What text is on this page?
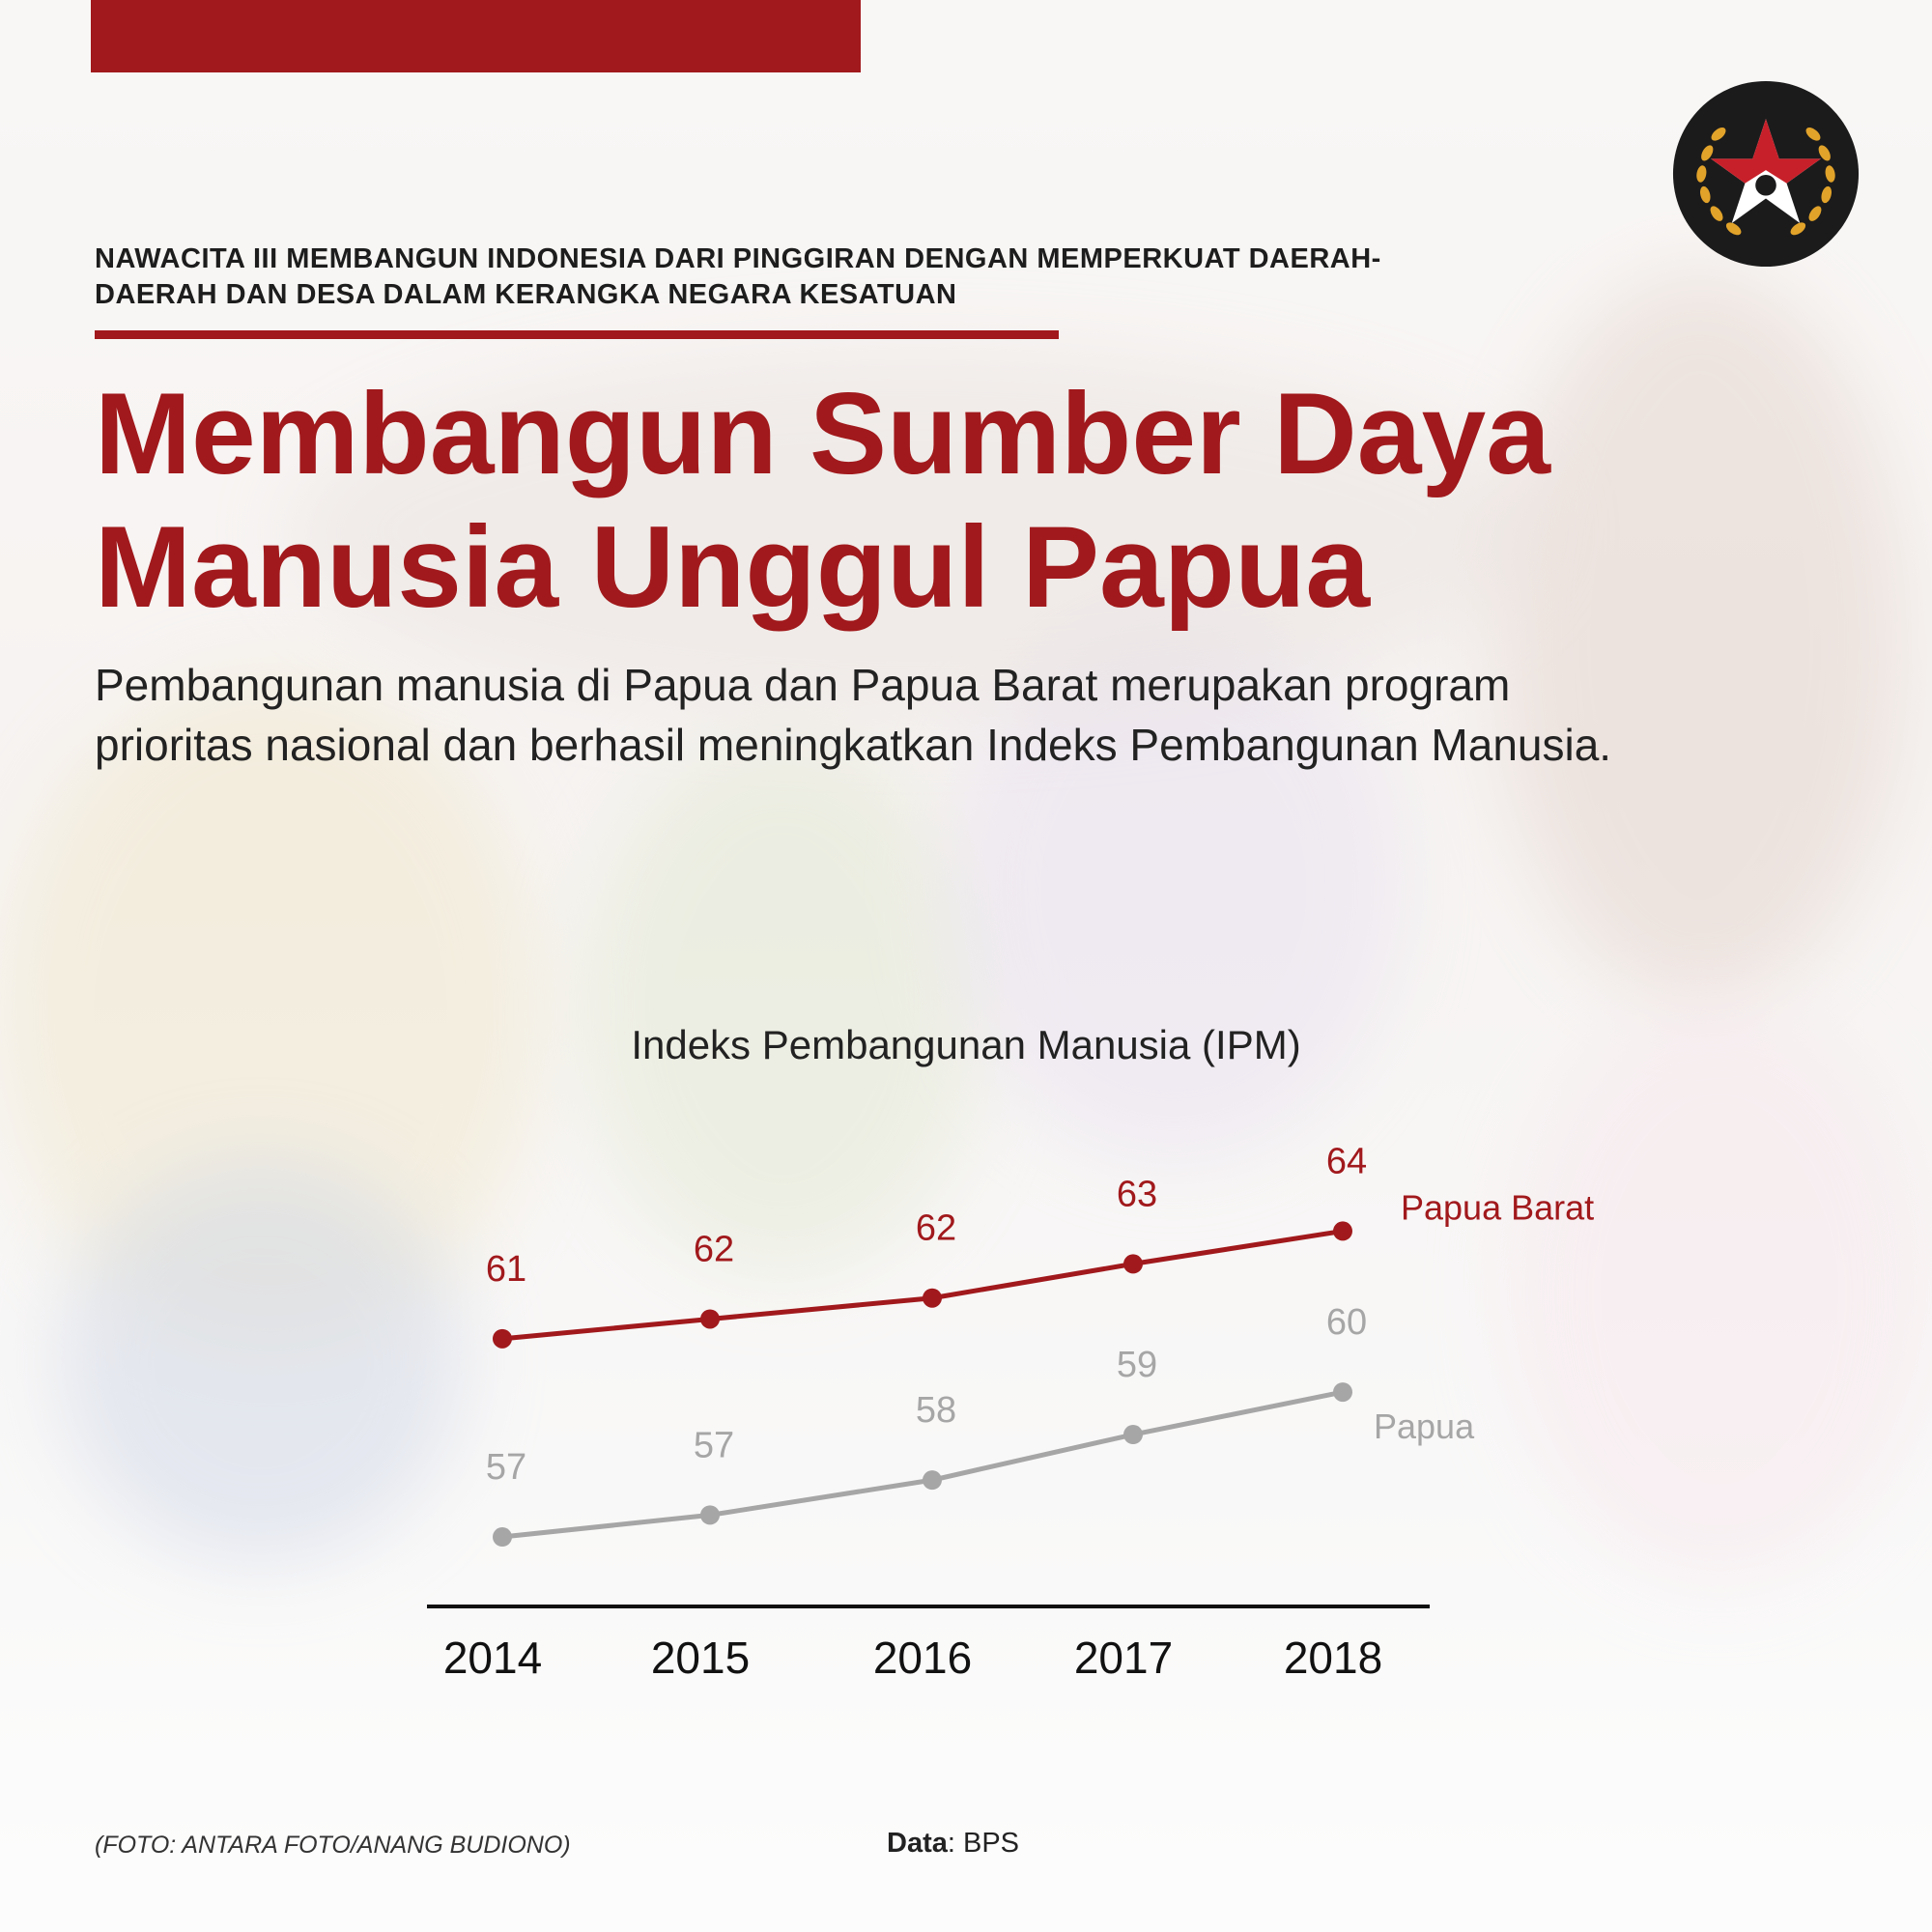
NAWACITA III MEMBANGUN INDONESIA DARI PINGGIRAN DENGAN MEMPERKUAT DAERAH-DAERAH DAN DESA DALAM KERANGKA NEGARA KESATUAN
Membangun Sumber Daya
Manusia Unggul Papua
Pembangunan manusia di Papua dan Papua Barat merupakan program prioritas nasional dan berhasil meningkatkan Indeks Pembangunan Manusia.
Indeks Pembangunan Manusia (IPM)
2014 2015	2016 2017 2018
61	62
62
63
64
Papua Barat
57
57
58
59
60
Papua
(FOTO: ANTARA FOTO/ANANG BUDIONO)	Data: BPS
